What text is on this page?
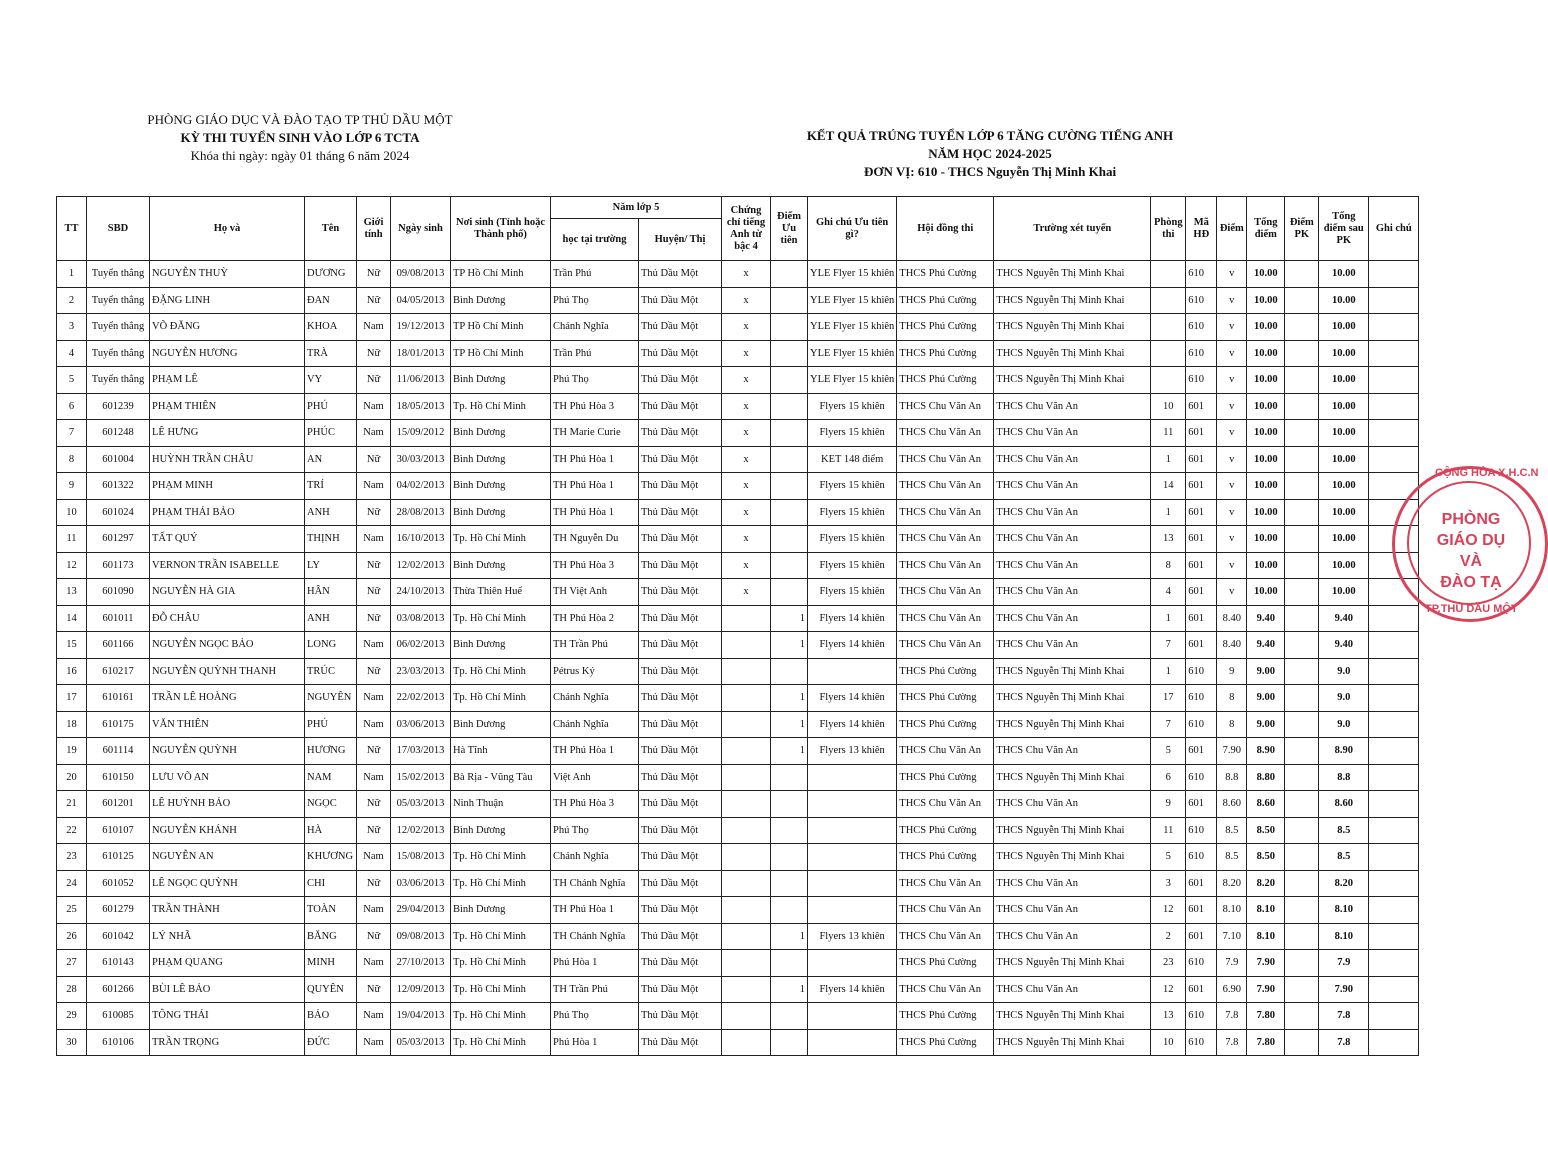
PHÒNG GIÁO DỤC VÀ ĐÀO TẠO TP THỦ DẦU MỘT
KỲ THI TUYỂN SINH VÀO LỚP 6 TCTA
Khóa thi ngày: ngày 01 tháng 6 năm 2024
KẾT QUẢ TRÚNG TUYỂN LỚP 6 TĂNG CƯỜNG TIẾNG ANH
NĂM HỌC 2024-2025
ĐƠN VỊ: 610 - THCS Nguyễn Thị Minh Khai
TT	SBD	Họ và	Tên	Giới tính	Ngày sinh	Nơi sinh (Tỉnh hoặc Thành phố)	Năm lớp 5		Chứng chỉ tiếng Anh từ bậc 4	Điểm Ưu tiên	Ghi chú Ưu tiên gì?	Hội đồng thi	Trường xét tuyển	Phòng thi	Mã HĐ	Điểm	Tổng điểm	Điểm PK	Tổng điểm sau PK	Ghi chú
							học tại trường	Huyện/ Thị												
1	Tuyển thẳng	NGUYỄN THUỲ	DƯƠNG	Nữ	09/08/2013	TP Hồ Chí Minh	Trần Phú	Thủ Dầu Một	x		YLE Flyer 15 khiên	THCS Phú Cường	THCS Nguyễn Thị Minh Khai		610	v	10.00		10.00	
2	Tuyển thẳng	ĐẶNG LINH	ĐAN	Nữ	04/05/2013	Bình Dương	Phú Thọ	Thủ Dầu Một	x		YLE Flyer 15 khiên	THCS Phú Cường	THCS Nguyễn Thị Minh Khai		610	v	10.00		10.00	
3	Tuyển thẳng	VÕ ĐĂNG	KHOA	Nam	19/12/2013	TP Hồ Chí Minh	Chánh Nghĩa	Thủ Dầu Một	x		YLE Flyer 15 khiên	THCS Phú Cường	THCS Nguyễn Thị Minh Khai		610	v	10.00		10.00	
4	Tuyển thẳng	NGUYỄN HƯƠNG	TRÀ	Nữ	18/01/2013	TP Hồ Chí Minh	Trần Phú	Thủ Dầu Một	x		YLE Flyer 15 khiên	THCS Phú Cường	THCS Nguyễn Thị Minh Khai		610	v	10.00		10.00	
5	Tuyển thẳng	PHẠM LÊ	VY	Nữ	11/06/2013	Bình Dương	Phú Thọ	Thủ Dầu Một	x		YLE Flyer 15 khiên	THCS Phú Cường	THCS Nguyễn Thị Minh Khai		610	v	10.00		10.00	
6	601239	PHẠM THIÊN	PHÚ	Nam	18/05/2013	Tp. Hồ Chí Minh	TH Phú Hòa 3	Thủ Dầu Một	x		Flyers 15 khiên	THCS Chu Văn An	THCS Chu Văn An	10	601	v	10.00		10.00	
7	601248	LÊ HƯNG	PHÚC	Nam	15/09/2012	Bình Dương	TH Marie Curie	Thủ Dầu Một	x		Flyers 15 khiên	THCS Chu Văn An	THCS Chu Văn An	11	601	v	10.00		10.00	
8	601004	HUỲNH TRẦN CHÂU	AN	Nữ	30/03/2013	Bình Dương	TH Phú Hòa 1	Thủ Dầu Một	x		KET 148 điểm	THCS Chu Văn An	THCS Chu Văn An	1	601	v	10.00		10.00	
9	601322	PHẠM MINH	TRÍ	Nam	04/02/2013	Bình Dương	TH Phú Hòa 1	Thủ Dầu Một	x		Flyers 15 khiên	THCS Chu Văn An	THCS Chu Văn An	14	601	v	10.00		10.00	
10	601024	PHẠM THÁI BẢO	ANH	Nữ	28/08/2013	Bình Dương	TH Phú Hòa 1	Thủ Dầu Một	x		Flyers 15 khiên	THCS Chu Văn An	THCS Chu Văn An	1	601	v	10.00		10.00	
11	601297	TẤT QUÝ	THỊNH	Nam	16/10/2013	Tp. Hồ Chí Minh	TH Nguyễn Du	Thủ Dầu Một	x		Flyers 15 khiên	THCS Chu Văn An	THCS Chu Văn An	13	601	v	10.00		10.00	
12	601173	VERNON TRẦN ISABELLE	LY	Nữ	12/02/2013	Bình Dương	TH Phú Hòa 3	Thủ Dầu Một	x		Flyers 15 khiên	THCS Chu Văn An	THCS Chu Văn An	8	601	v	10.00		10.00	
13	601090	NGUYỄN HÀ GIA	HÂN	Nữ	24/10/2013	Thừa Thiên Huế	TH Việt Anh	Thủ Dầu Một	x		Flyers 15 khiên	THCS Chu Văn An	THCS Chu Văn An	4	601	v	10.00		10.00	
14	601011	ĐỖ CHÂU	ANH	Nữ	03/08/2013	Tp. Hồ Chí Minh	TH Phú Hòa 2	Thủ Dầu Một		1	Flyers 14 khiên	THCS Chu Văn An	THCS Chu Văn An	1	601	8.40	9.40		9.40	
15	601166	NGUYỄN NGỌC BẢO	LONG	Nam	06/02/2013	Bình Dương	TH Trần Phú	Thủ Dầu Một		1	Flyers 14 khiên	THCS Chu Văn An	THCS Chu Văn An	7	601	8.40	9.40		9.40	
16	610217	NGUYỄN QUỲNH THANH	TRÚC	Nữ	23/03/2013	Tp. Hồ Chí Minh	Pétrus Ký	Thủ Dầu Một				THCS Phú Cường	THCS Nguyễn Thị Minh Khai	1	610	9	9.00		9.0	
17	610161	TRẦN LÊ HOÀNG	NGUYÊN	Nam	22/02/2013	Tp. Hồ Chí Minh	Chánh Nghĩa	Thủ Dầu Một		1	Flyers 14 khiên	THCS Phú Cường	THCS Nguyễn Thị Minh Khai	17	610	8	9.00		9.0	
18	610175	VĂN THIÊN	PHÚ	Nam	03/06/2013	Bình Dương	Chánh Nghĩa	Thủ Dầu Một		1	Flyers 14 khiên	THCS Phú Cường	THCS Nguyễn Thị Minh Khai	7	610	8	9.00		9.0	
19	601114	NGUYỄN QUỲNH	HƯƠNG	Nữ	17/03/2013	Hà Tĩnh	TH Phú Hòa 1	Thủ Dầu Một		1	Flyers 13 khiên	THCS Chu Văn An	THCS Chu Văn An	5	601	7.90	8.90		8.90	
20	610150	LƯU VÕ AN	NAM	Nam	15/02/2013	Bà Rịa - Vũng Tàu	Việt Anh	Thủ Dầu Một				THCS Phú Cường	THCS Nguyễn Thị Minh Khai	6	610	8.8	8.80		8.8	
21	601201	LÊ HUỲNH BẢO	NGỌC	Nữ	05/03/2013	Ninh Thuận	TH Phú Hòa 3	Thủ Dầu Một				THCS Chu Văn An	THCS Chu Văn An	9	601	8.60	8.60		8.60	
22	610107	NGUYỄN KHÁNH	HÀ	Nữ	12/02/2013	Bình Dương	Phú Thọ	Thủ Dầu Một				THCS Phú Cường	THCS Nguyễn Thị Minh Khai	11	610	8.5	8.50		8.5	
23	610125	NGUYỄN AN	KHƯƠNG	Nam	15/08/2013	Tp. Hồ Chí Minh	Chánh Nghĩa	Thủ Dầu Một				THCS Phú Cường	THCS Nguyễn Thị Minh Khai	5	610	8.5	8.50		8.5	
24	601052	LÊ NGỌC QUỲNH	CHI	Nữ	03/06/2013	Tp. Hồ Chí Minh	TH Chánh Nghĩa	Thủ Dầu Một				THCS Chu Văn An	THCS Chu Văn An	3	601	8.20	8.20		8.20	
25	601279	TRẦN THÀNH	TOÀN	Nam	29/04/2013	Bình Dương	TH Phú Hòa 1	Thủ Dầu Một				THCS Chu Văn An	THCS Chu Văn An	12	601	8.10	8.10		8.10	
26	601042	LÝ NHÃ	BĂNG	Nữ	09/08/2013	Tp. Hồ Chí Minh	TH Chánh Nghĩa	Thủ Dầu Một		1	Flyers 13 khiên	THCS Chu Văn An	THCS Chu Văn An	2	601	7.10	8.10		8.10	
27	610143	PHẠM QUANG	MINH	Nam	27/10/2013	Tp. Hồ Chí Minh	Phú Hòa 1	Thủ Dầu Một				THCS Phú Cường	THCS Nguyễn Thị Minh Khai	23	610	7.9	7.90		7.9	
28	601266	BÙI LÊ BẢO	QUYÊN	Nữ	12/09/2013	Tp. Hồ Chí Minh	TH Trần Phú	Thủ Dầu Một		1	Flyers 14 khiên	THCS Chu Văn An	THCS Chu Văn An	12	601	6.90	7.90		7.90	
29	610085	TÔNG THÁI	BẢO	Nam	19/04/2013	Tp. Hồ Chí Minh	Phú Thọ	Thủ Dầu Một				THCS Phú Cường	THCS Nguyễn Thị Minh Khai	13	610	7.8	7.80		7.8	
30	610106	TRẦN TRỌNG	ĐỨC	Nam	05/03/2013	Tp. Hồ Chí Minh	Phú Hòa 1	Thủ Dầu Một				THCS Phú Cường	THCS Nguyễn Thị Minh Khai	10	610	7.8	7.80		7.8	
CỘNG HÒA X.H.C.N
PHÒNG
GIÁO DỤ
VÀ
ĐÀO TẠ
TP.THỦ DẦU MỘT
